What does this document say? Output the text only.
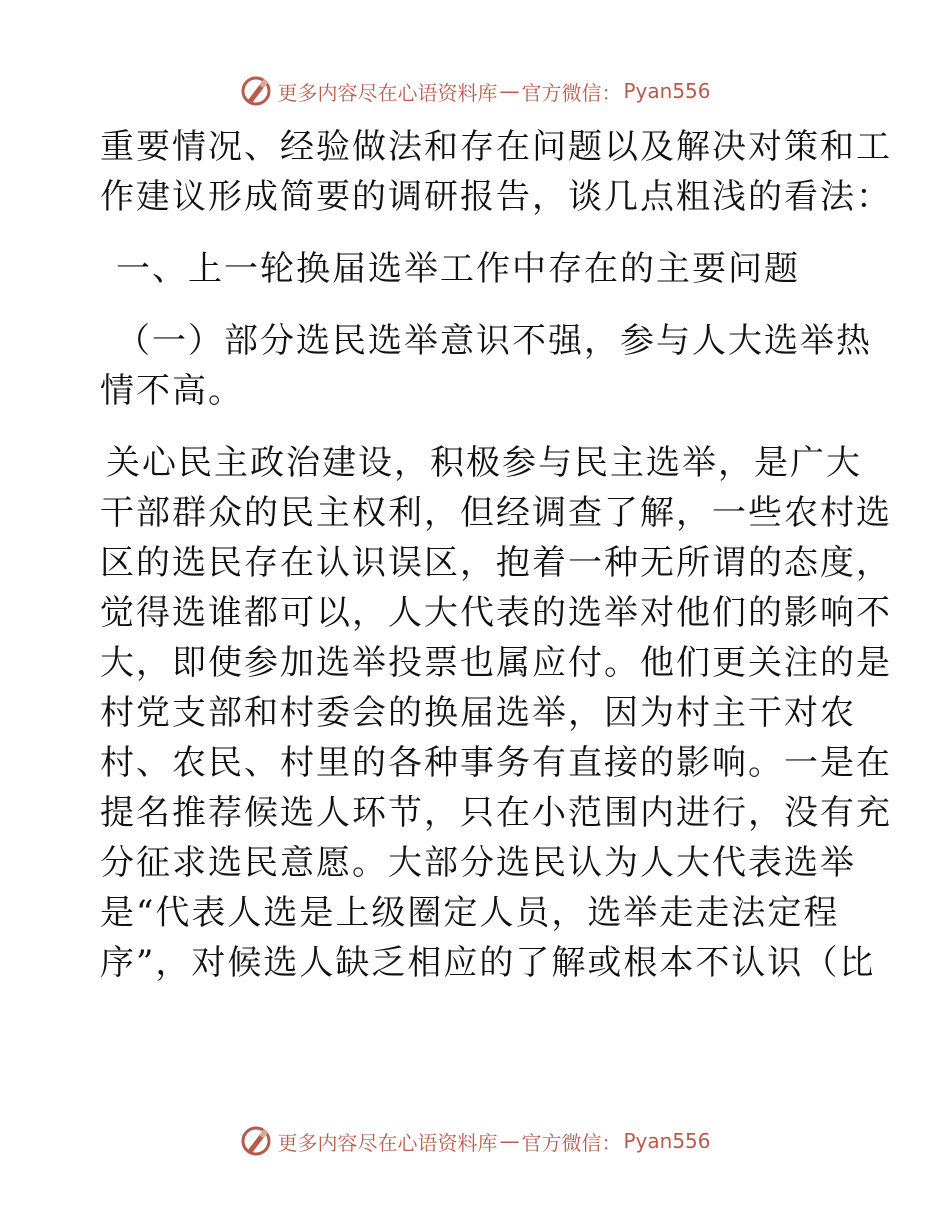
更多内容尽在心语资料库 — 官方微信： Pyan556
重要情况、经验做法和存在问题以及解决对策和工
作建议形成简要的调研报告，谈几点粗浅的看法：
一、上一轮换届选举工作中存在的主要问题
（一）部分选民选举意识不强，参与人大选举热
情不高。
关心民主政治建设，积极参与民主选举，是广大
干部群众的民主权利，但经调查了解，一些农村选
区的选民存在认识误区，抱着一种无所谓的态度，
觉得选谁都可以，人大代表的选举对他们的影响不
大，即使参加选举投票也属应付。他们更关注的是
村党支部和村委会的换届选举，因为村主干对农
村、农民、村里的各种事务有直接的影响。一是在
提名推荐候选人环节，只在小范围内进行，没有充
分征求选民意愿。大部分选民认为人大代表选举
是“代表人选是上级圈定人员，选举走走法定程
序”，对候选人缺乏相应的了解或根本不认识（比
更多内容尽在心语资料库 — 官方微信： Pyan556
